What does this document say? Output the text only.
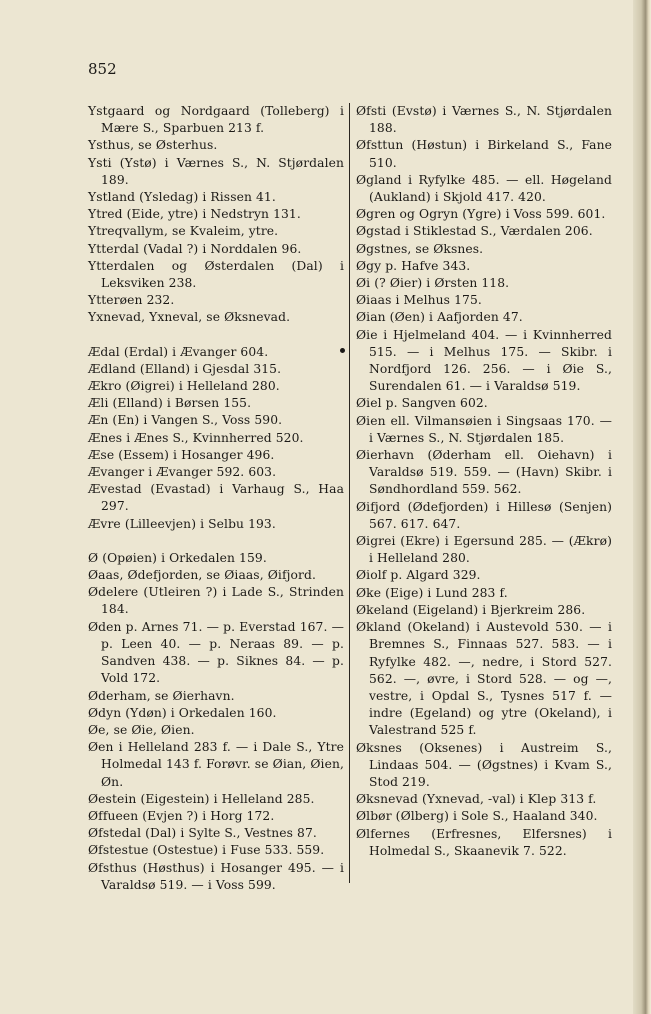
852

Ystgaard og Nordgaard (Tolleberg) i Mære S., Sparbuen 213 f.

Ysthus, se Østerhus.

Ysti (Ystø) i Værnes S., N. Stjørdalen 189.

Ystland (Ysledag) i Rissen 41.

Ytred (Eide, ytre) i Nedstryn 131.

Ytreqvallym, se Kvaleim, ytre.

Ytterdal (Vadal ?) i Norddalen 96.

Ytterdalen og Østerdalen (Dal) i Leksviken 238.

Ytterøen 232.

Yxnevad, Yxneval, se Øksnevad.

Ædal (Erdal) i Ævanger 604.

Ædland (Elland) i Gjesdal 315.

Ækro (Øigrei) i Helleland 280.

Æli (Elland) i Børsen 155.

Æn (En) i Vangen S., Voss 590.

Ænes i Ænes S., Kvinnherred 520.

Æse (Essem) i Hosanger 496.

Ævanger i Ævanger 592. 603.

Ævestad (Evastad) i Varhaug S., Haa 297.

Ævre (Lilleevjen) i Selbu 193.

Ø (Opøien) i Orkedalen 159.

Øaas, Ødefjorden, se Øiaas, Øifjord.

Ødelere (Utleiren ?) i Lade S., Strinden 184.

Øden p. Arnes 71. — p. Everstad 167. — p. Leen 40. — p. Neraas 89. — p. Sandven 438. — p. Siknes 84. — p. Vold 172.

Øderham, se Øierhavn.

Ødyn (Ydøn) i Orkedalen 160.

Øe, se Øie, Øien.

Øen i Helleland 283 f. — i Dale S., Ytre Holmedal 143 f. Forøvr. se Øian, Øien, Øn.

Øestein (Eigestein) i Helleland 285.

Øffueen (Evjen ?) i Horg 172.

Øfstedal (Dal) i Sylte S., Vestnes 87.

Øfstestue (Ostestue) i Fuse 533. 559.

Øfsthus (Høsthus) i Hosanger 495. — i Varaldsø 519. — i Voss 599.

Øfsti (Evstø) i Værnes S., N. Stjørdalen 188.

Øfsttun (Høstun) i Birkeland S., Fane 510.

Øgland i Ryfylke 485. — ell. Høgeland (Aukland) i Skjold 417. 420.

Øgren og Ogryn (Ygre) i Voss 599. 601.

Øgstad i Stiklestad S., Værdalen 206.

Øgstnes, se Øksnes.

Øgy p. Hafve 343.

Øi (? Øier) i Ørsten 118.

Øiaas i Melhus 175.

Øian (Øen) i Aafjorden 47.

Øie i Hjelmeland 404. — i Kvinnherred 515. — i Melhus 175. — Skibr. i Nordfjord 126. 256. — i Øie S., Surendalen 61. — i Varaldsø 519.

Øiel p. Sangven 602.

Øien ell. Vilmansøien i Singsaas 170. — i Værnes S., N. Stjørdalen 185.

Øierhavn (Øderham ell. Oiehavn) i Varaldsø 519. 559. — (Havn) Skibr. i Søndhordland 559. 562.

Øifjord (Ødefjorden) i Hillesø (Senjen) 567. 617. 647.

Øigrei (Ekre) i Egersund 285. — (Ækrø) i Helleland 280.

Øiolf p. Algard 329.

Øke (Eige) i Lund 283 f.

Økeland (Eigeland) i Bjerkreim 286.

Økland (Okeland) i Austevold 530. — i Bremnes S., Finnaas 527. 583. — i Ryfylke 482. —, nedre, i Stord 527. 562. —, øvre, i Stord 528. — og —, vestre, i Opdal S., Tysnes 517 f. — indre (Egeland) og ytre (Okeland), i Valestrand 525 f.

Øksnes (Oksenes) i Austreim S., Lindaas 504. — (Øgstnes) i Kvam S., Stod 219.

Øksnevad (Yxnevad, -val) i Klep 313 f.

Ølbør (Ølberg) i Sole S., Haaland 340.

Ølfernes (Erfresnes, Elfersnes) i Holmedal S., Skaanevik 7. 522.
